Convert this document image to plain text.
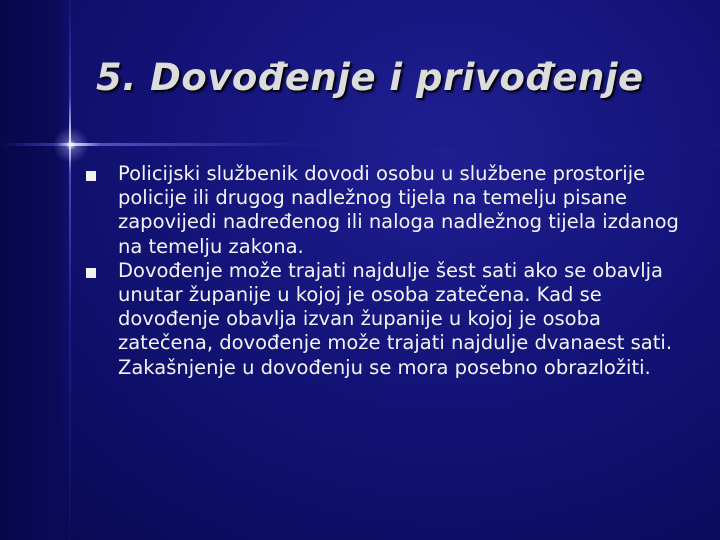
5. Dovođenje i privođenje

Policijski službenik dovodi osobu u službene prostorije policije ili drugog nadležnog tijela na temelju pisane zapovijedi nadređenog ili naloga nadležnog tijela izdanog na temelju zakona.

Dovođenje može trajati najdulje šest sati ako se obavlja unutar županije u kojoj je osoba zatečena. Kad se dovođenje obavlja izvan županije u kojoj je osoba zatečena, dovođenje može trajati najdulje dvanaest sati. Zakašnjenje u dovođenju se mora posebno obrazložiti.
